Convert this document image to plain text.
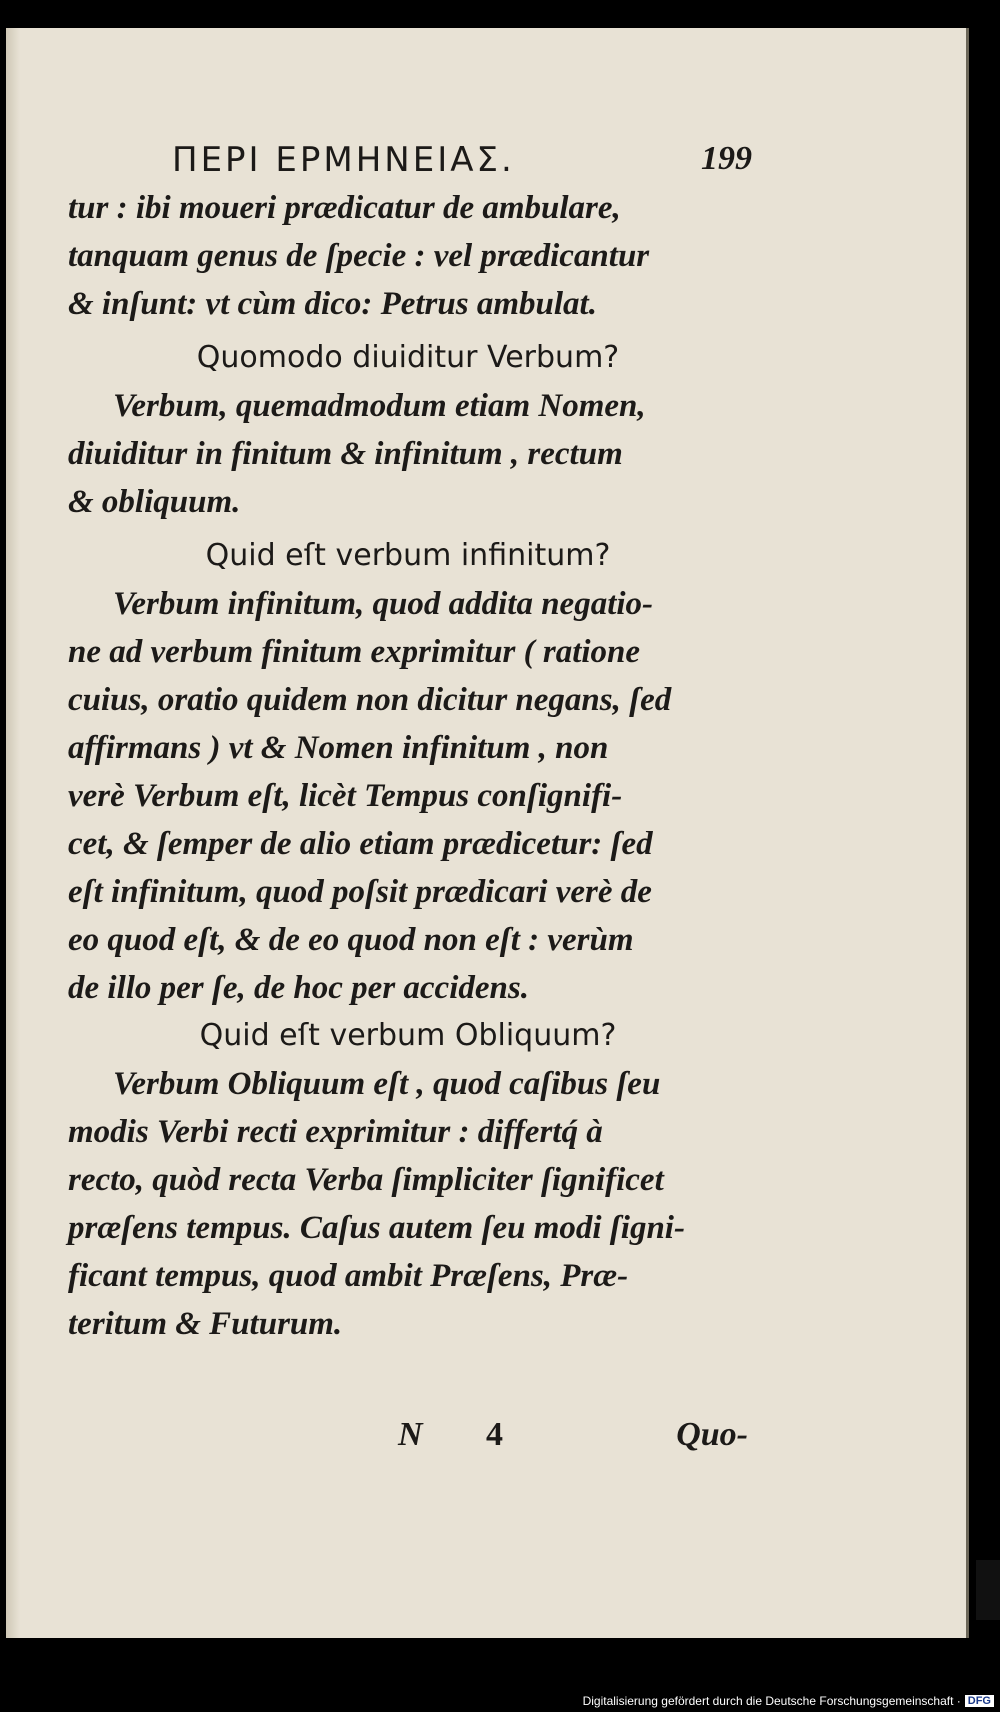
ΠΕΡΙ ΕΡΜΗΝΕΙΑΣ.	199
tur : ibi moueri prædicatur de ambulare,
tanquam genus de ſpecie : vel prædicantur
& inſunt: vt cùm dico: Petrus ambulat.
Quomodo diuiditur Verbum?
Verbum, quemadmodum etiam Nomen,
diuiditur in finitum & infinitum , rectum
& obliquum.
Quid eſt verbum infinitum?
Verbum infinitum, quod addita negatio-
ne ad verbum finitum exprimitur ( ratione
cuius, oratio quidem non dicitur negans, ſed
affirmans ) vt & Nomen infinitum , non
verè Verbum eſt, licèt Tempus conſignifi-
cet, & ſemper de alio etiam prædicetur: ſed
eſt infinitum, quod poſsit prædicari verè de
eo quod eſt, & de eo quod non eſt : verùm
de illo per ſe, de hoc per accidens.
Quid eſt verbum Obliquum?
Verbum Obliquum eſt , quod caſibus ſeu
modis Verbi recti exprimitur : differtq́ à
recto, quòd recta Verba ſimpliciter ſignificet
præſens tempus. Caſus autem ſeu modi ſigni-
ficant tempus, quod ambit Præſens, Præ-
teritum & Futurum.
N 4	Quo-
Digitalisierung gefördert durch die Deutsche Forschungsgemeinschaft · DFG
